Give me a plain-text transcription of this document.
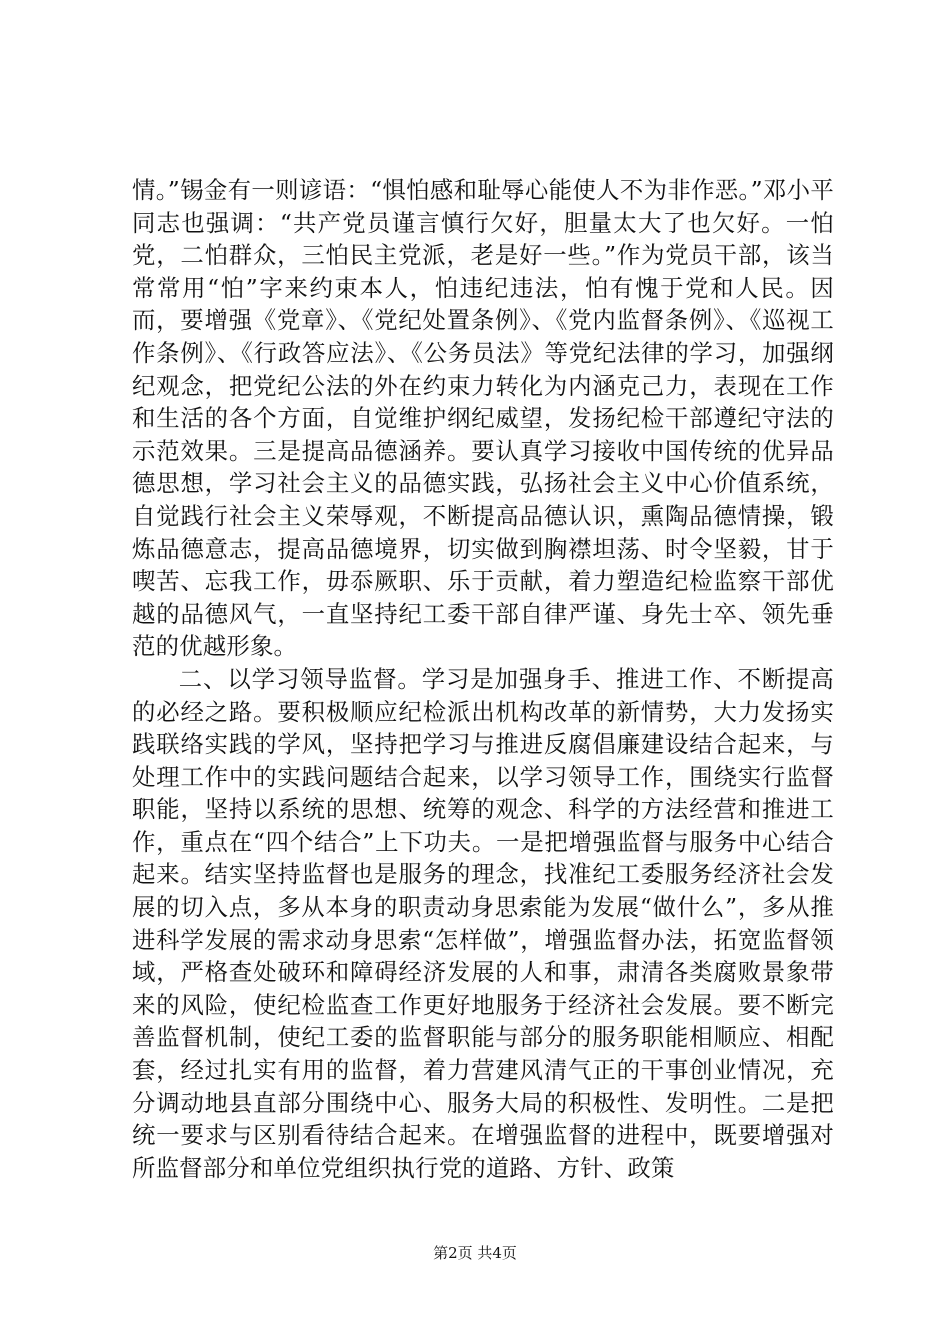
情。”锡金有一则谚语：“惧怕感和耻辱心能使人不为非作恶。”邓小平同志也强调：“共产党员谨言慎行欠好，胆量太大了也欠好。一怕党，二怕群众，三怕民主党派，老是好一些。”作为党员干部，该当常常用“怕”字来约束本人，怕违纪违法，怕有愧于党和人民。因而，要增强《党章》、《党纪处置条例》、《党内监督条例》、《巡视工作条例》、《行政答应法》、《公务员法》等党纪法律的学习，加强纲纪观念，把党纪公法的外在约束力转化为内涵克己力，表现在工作和生活的各个方面，自觉维护纲纪威望，发扬纪检干部遵纪守法的示范效果。三是提高品德涵养。要认真学习接收中国传统的优异品德思想，学习社会主义的品德实践，弘扬社会主义中心价值系统，自觉践行社会主义荣辱观，不断提高品德认识，熏陶品德情操，锻炼品德意志，提高品德境界，切实做到胸襟坦荡、时令坚毅，甘于喫苦、忘我工作，毋忝厥职、乐于贡献，着力塑造纪检监察干部优越的品德风气，一直坚持纪工委干部自律严谨、身先士卒、领先垂范的优越形象。

二、以学习领导监督。学习是加强身手、推进工作、不断提高的必经之路。要积极顺应纪检派出机构改革的新情势，大力发扬实践联络实践的学风，坚持把学习与推进反腐倡廉建设结合起来，与处理工作中的实践问题结合起来，以学习领导工作，围绕实行监督职能，坚持以系统的思想、统筹的观念、科学的方法经营和推进工作，重点在“四个结合”上下功夫。一是把增强监督与服务中心结合起来。结实坚持监督也是服务的理念，找准纪工委服务经济社会发展的切入点，多从本身的职责动身思索能为发展“做什么”，多从推进科学发展的需求动身思索“怎样做”，增强监督办法，拓宽监督领域，严格查处破环和障碍经济发展的人和事，肃清各类腐败景象带来的风险，使纪检监查工作更好地服务于经济社会发展。要不断完善监督机制，使纪工委的监督职能与部分的服务职能相顺应、相配套，经过扎实有用的监督，着力营建风清气正的干事创业情况，充分调动地县直部分围绕中心、服务大局的积极性、发明性。二是把统一要求与区别看待结合起来。在增强监督的进程中，既要增强对所监督部分和单位党组织执行党的道路、方针、政策

第2页 共4页
